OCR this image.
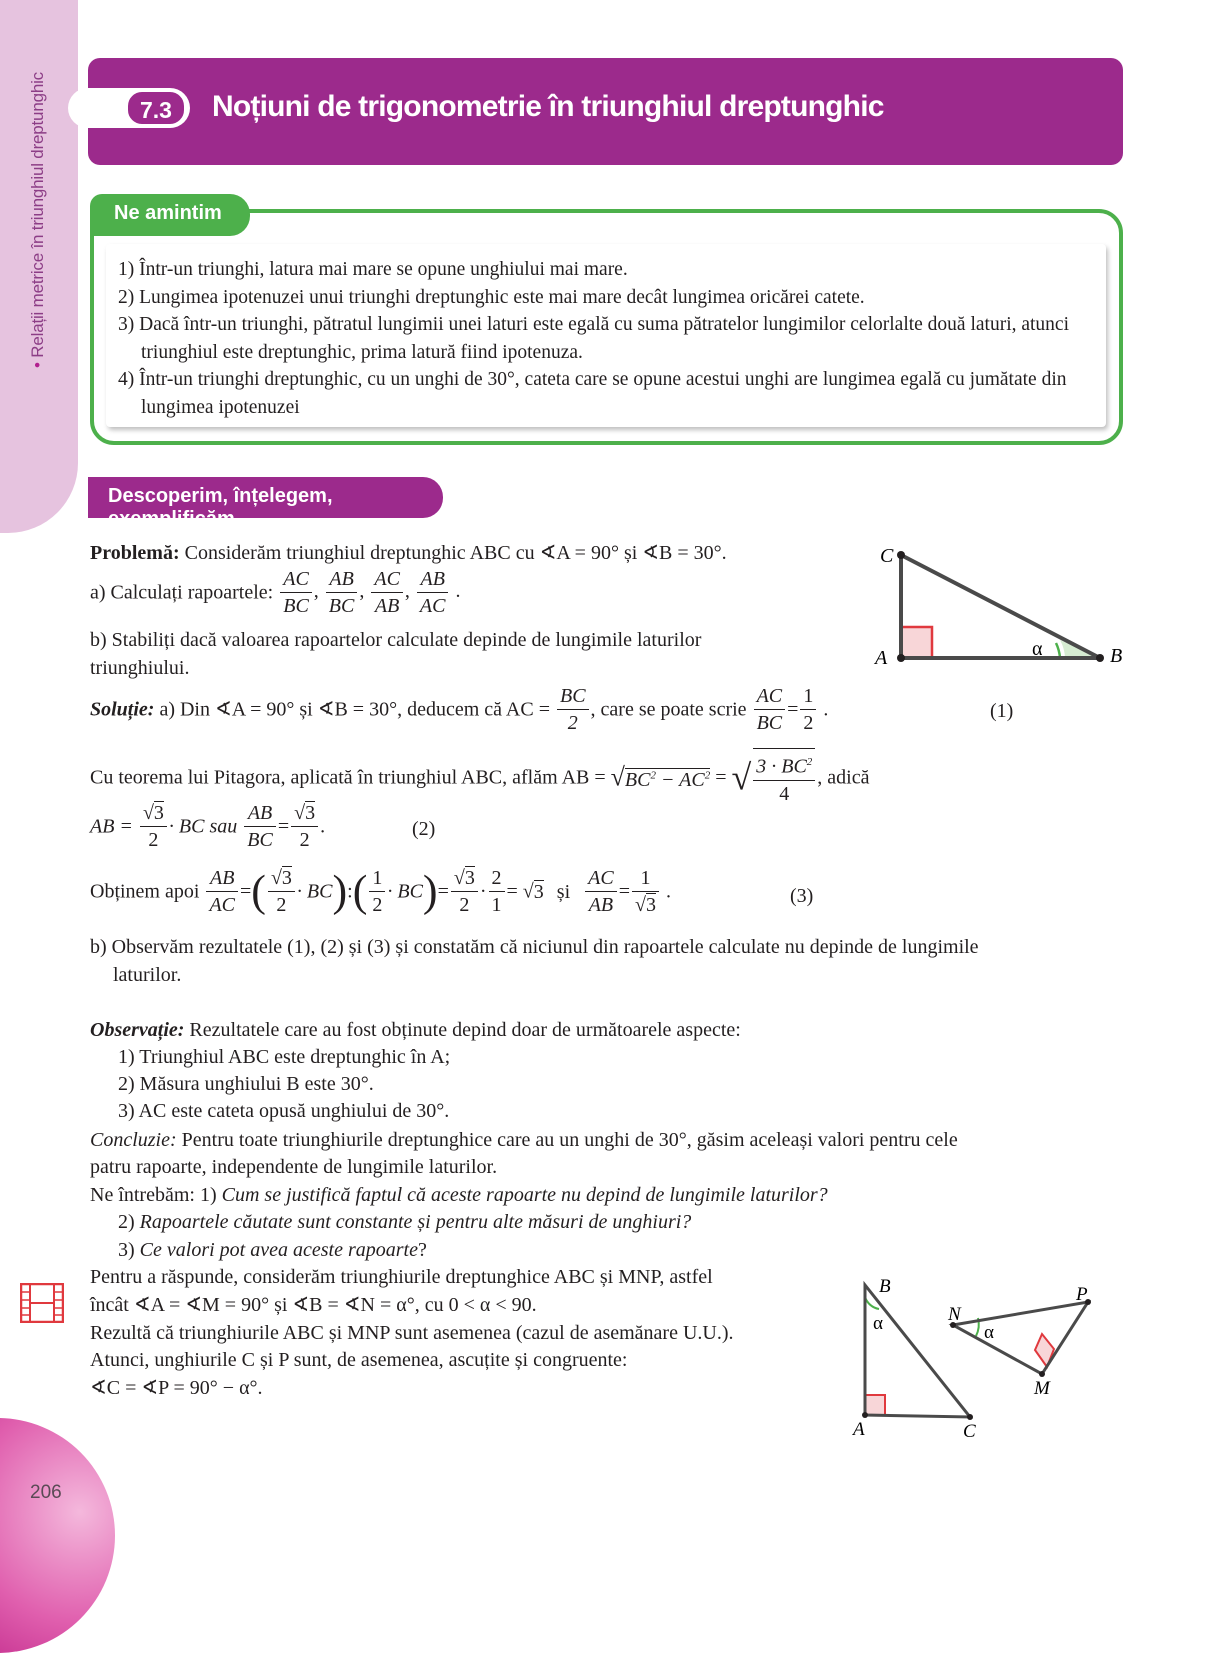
• Relații metrice în triunghiul dreptunghic
206
7.3	Noțiuni de trigonometrie în triunghiul dreptunghic
Ne amintim
1) Într-un triunghi, latura mai mare se opune unghiului mai mare.
2) Lungimea ipotenuzei unui triunghi dreptunghic este mai mare decât lungimea oricărei catete.
3) Dacă într-un triunghi, pătratul lungimii unei laturi este egală cu suma pătratelor lungimilor celorlalte două laturi, atunci triunghiul este dreptunghic, prima latură fiind ipotenuza.
4) Într-un triunghi dreptunghic, cu un unghi de 30°, cateta care se opune acestui unghi are lungimea egală cu jumătate din lungimea ipotenuzei
Descoperim, înțelegem, exemplificăm
Problemă: Considerăm triunghiul dreptunghic ABC cu ∢A = 90° și ∢B = 30°.
a) Calculați rapoartele: $\frac{AC}{BC}$ , $\frac{AB}{BC}$ , $\frac{AC}{AB}$ , $\frac{AB}{AC}$ .
b) Stabiliți dacă valoarea rapoartelor calculate depinde de lungimile laturilor
triunghiului.
C
A	B
α
Soluție: a) Din ∢A = 90° și ∢B = 30°, deducem că AC = $\frac{BC}{2}$ , care se poate scrie $\frac{AC}{BC} = \frac{1}{2}$ .	(1)
Cu teorema lui Pitagora, aplicată în triunghiul ABC, aflăm AB = $√BC^2 - AC^2$ = √ $\frac{3 \cdot BC^2}{4}$ , adică
AB = $\frac{√3}{2}$ · BC sau $\frac{AB}{BC} = \frac{√3}{2}$ .	(2)
Obținem apoi $\frac{AB}{AC}$ =( $\frac{√3}{2}$ · BC):( $\frac{1}{2} \cdot BC)= \frac{√3}{2} \cdot \frac{2}{1} = √3$ și $\frac{AC}{AB} = \frac{1}{√3}$ .	(3)
b) Observăm rezultatele (1), (2) și (3) și constatăm că niciunul din rapoartele calculate nu depinde de lungimile
laturilor.
Observație: Rezultatele care au fost obținute depind doar de următoarele aspecte:
1) Triunghiul ABC este dreptunghic în A;
2) Măsura unghiului B este 30°.
3) AC este cateta opusă unghiului de 30°.
Concluzie: Pentru toate triunghiurile dreptunghice care au un unghi de 30°, găsim aceleași valori pentru cele
patru rapoarte, independente de lungimile laturilor.
Ne întrebăm: 1) Cum se justifică faptul că aceste rapoarte nu depind de lungimile laturilor?
2) Rapoartele căutate sunt constante și pentru alte măsuri de unghiuri?
3) Ce valori pot avea aceste rapoarte?
Pentru a răspunde, considerăm triunghiurile dreptunghice ABC și MNP, astfel
încât ∢A = ∢M = 90° și ∢B = ∢N = α°, cu 0 < α < 90.
Rezultă că triunghiurile ABC și MNP sunt asemenea (cazul de asemănare U.U.).
Atunci, unghiurile C și P sunt, de asemenea, ascuțite și congruente:
∢C = ∢P = 90° − α°.
B
α
A	C
N
α
P
M
